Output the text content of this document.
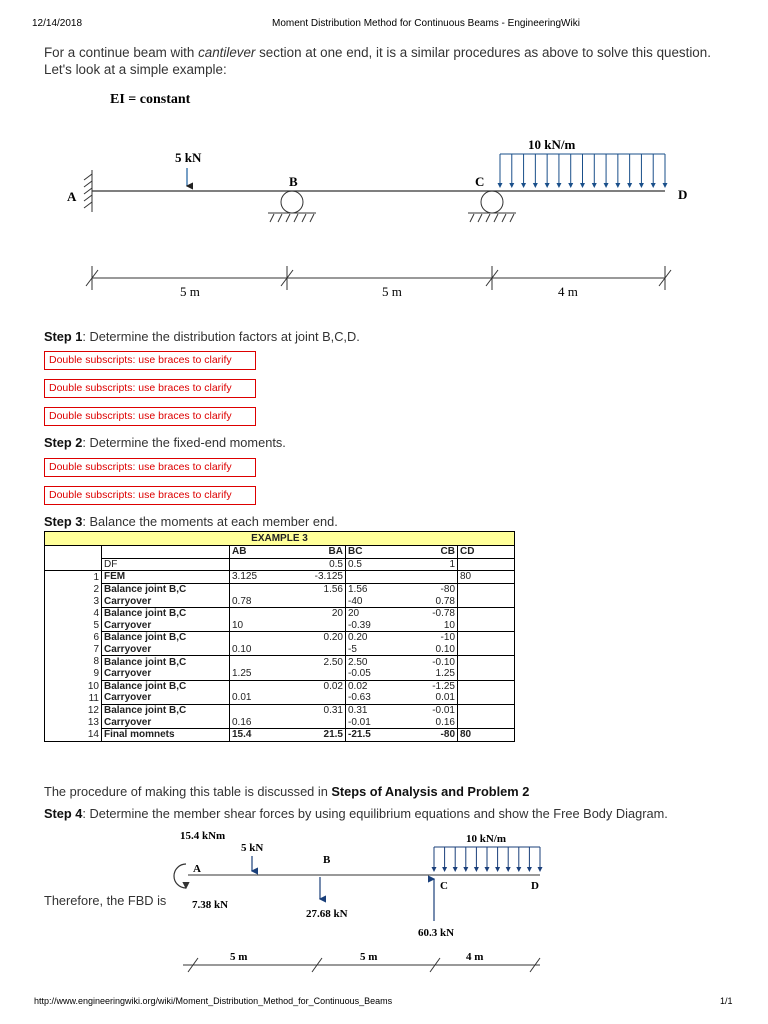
12/14/2018	Moment Distribution Method for Continuous Beams - EngineeringWiki
For a continue beam with cantilever section at one end, it is a similar procedures as above to solve this question.
Let's look at a simple example:
EI = constant
A
5 kN
B	C
D
10 kN/m
5 m	5 m	4 m
Step 1: Determine the distribution factors at joint B,C,D.
Double subscripts: use braces to clarify
Double subscripts: use braces to clarify
Double subscripts: use braces to clarify
Step 2: Determine the fixed-end moments.
Double subscripts: use braces to clarify
Double subscripts: use braces to clarify
Step 3: Balance the moments at each member end.
EXAMPLE 3						
		AB	BA	BC	CB	CD
	DF		0.5	0.5	1	
1	FEM	3.125	-3.125			80
2	Balance joint B,C		1.56	1.56	-80	
3	Carryover	0.78		-40	0.78	
4	Balance joint B,C		20	20	-0.78	
5	Carryover	10		-0.39	10	
6	Balance joint B,C		0.20	0.20	-10	
7	Carryover	0.10		-5	0.10	
8	Balance joint B,C		2.50	2.50	-0.10	
9	Carryover	1.25		-0.05	1.25	
10	Balance joint B,C		0.02	0.02	-1.25	
11	Carryover	0.01		-0.63	0.01	
12	Balance joint B,C		0.31	0.31	-0.01	
13	Carryover	0.16		-0.01	0.16	
14	Final momnets	15.4	21.5	-21.5	-80	80
The procedure of making this table is discussed in Steps of Analysis and Problem 2
Step 4: Determine the member shear forces by using equilibrium equations and show the Free Body Diagram.
Therefore, the FBD is
15.4 kNm
5 kN
A
B
C	D
7.38 kN
27.68 kN
60.3 kN
10 kN/m
5 m	5 m	4 m
http://www.engineeringwiki.org/wiki/Moment_Distribution_Method_for_Continuous_Beams	1/1
